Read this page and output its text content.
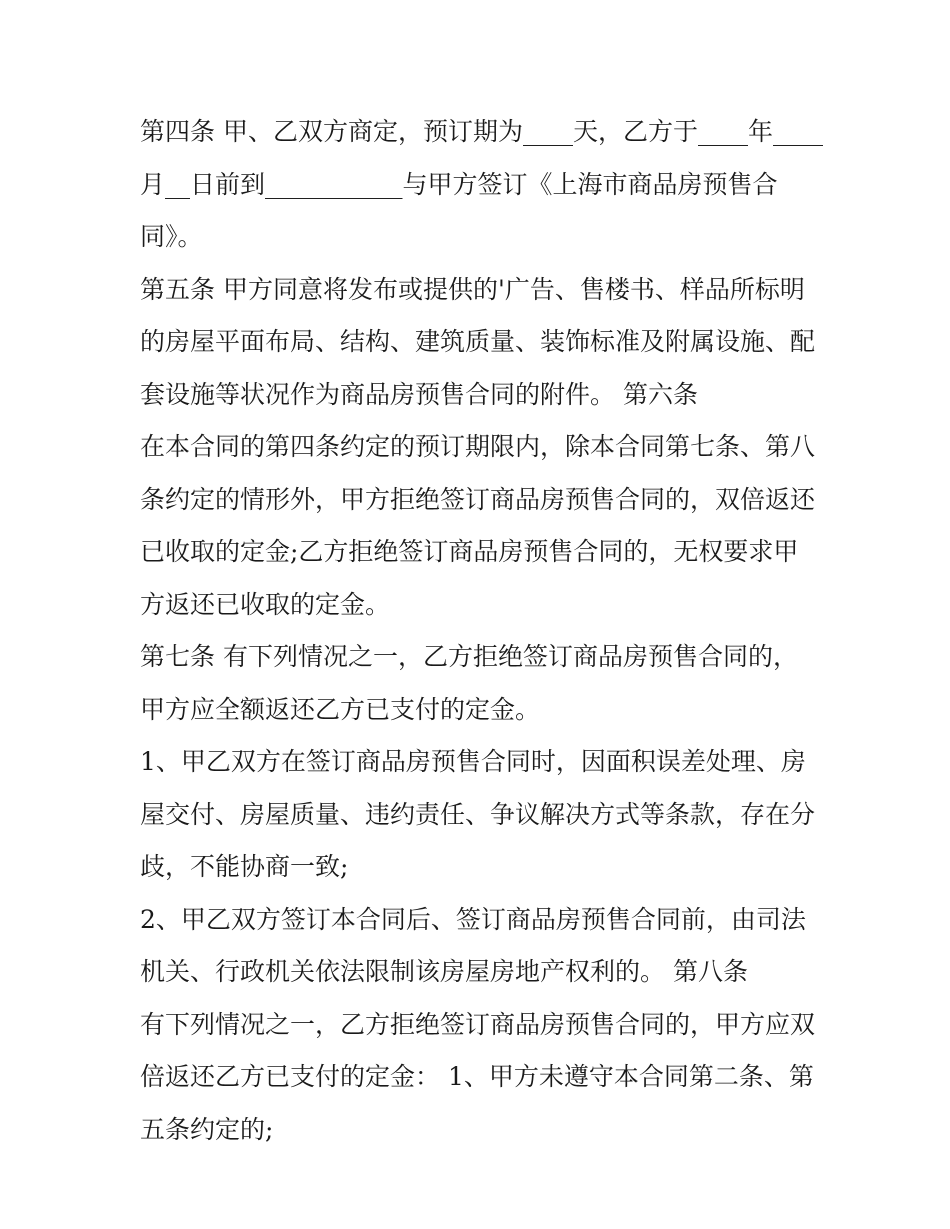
第四条 甲、乙双方商定，预订期为____天，乙方于____年____
月__日前到___________与甲方签订《上海市商品房预售合
同》。
第五条 甲方同意将发布或提供的'广告、售楼书、样品所标明
的房屋平面布局、结构、建筑质量、装饰标准及附属设施、配
套设施等状况作为商品房预售合同的附件。 第六条
在本合同的第四条约定的预订期限内，除本合同第七条、第八
条约定的情形外，甲方拒绝签订商品房预售合同的，双倍返还
已收取的定金;乙方拒绝签订商品房预售合同的，无权要求甲
方返还已收取的定金。
第七条 有下列情况之一，乙方拒绝签订商品房预售合同的，
甲方应全额返还乙方已支付的定金。
1、甲乙双方在签订商品房预售合同时，因面积误差处理、房
屋交付、房屋质量、违约责任、争议解决方式等条款，存在分
歧，不能协商一致;
2、甲乙双方签订本合同后、签订商品房预售合同前，由司法
机关、行政机关依法限制该房屋房地产权利的。 第八条
有下列情况之一，乙方拒绝签订商品房预售合同的，甲方应双
倍返还乙方已支付的定金： 1、甲方未遵守本合同第二条、第
五条约定的;
